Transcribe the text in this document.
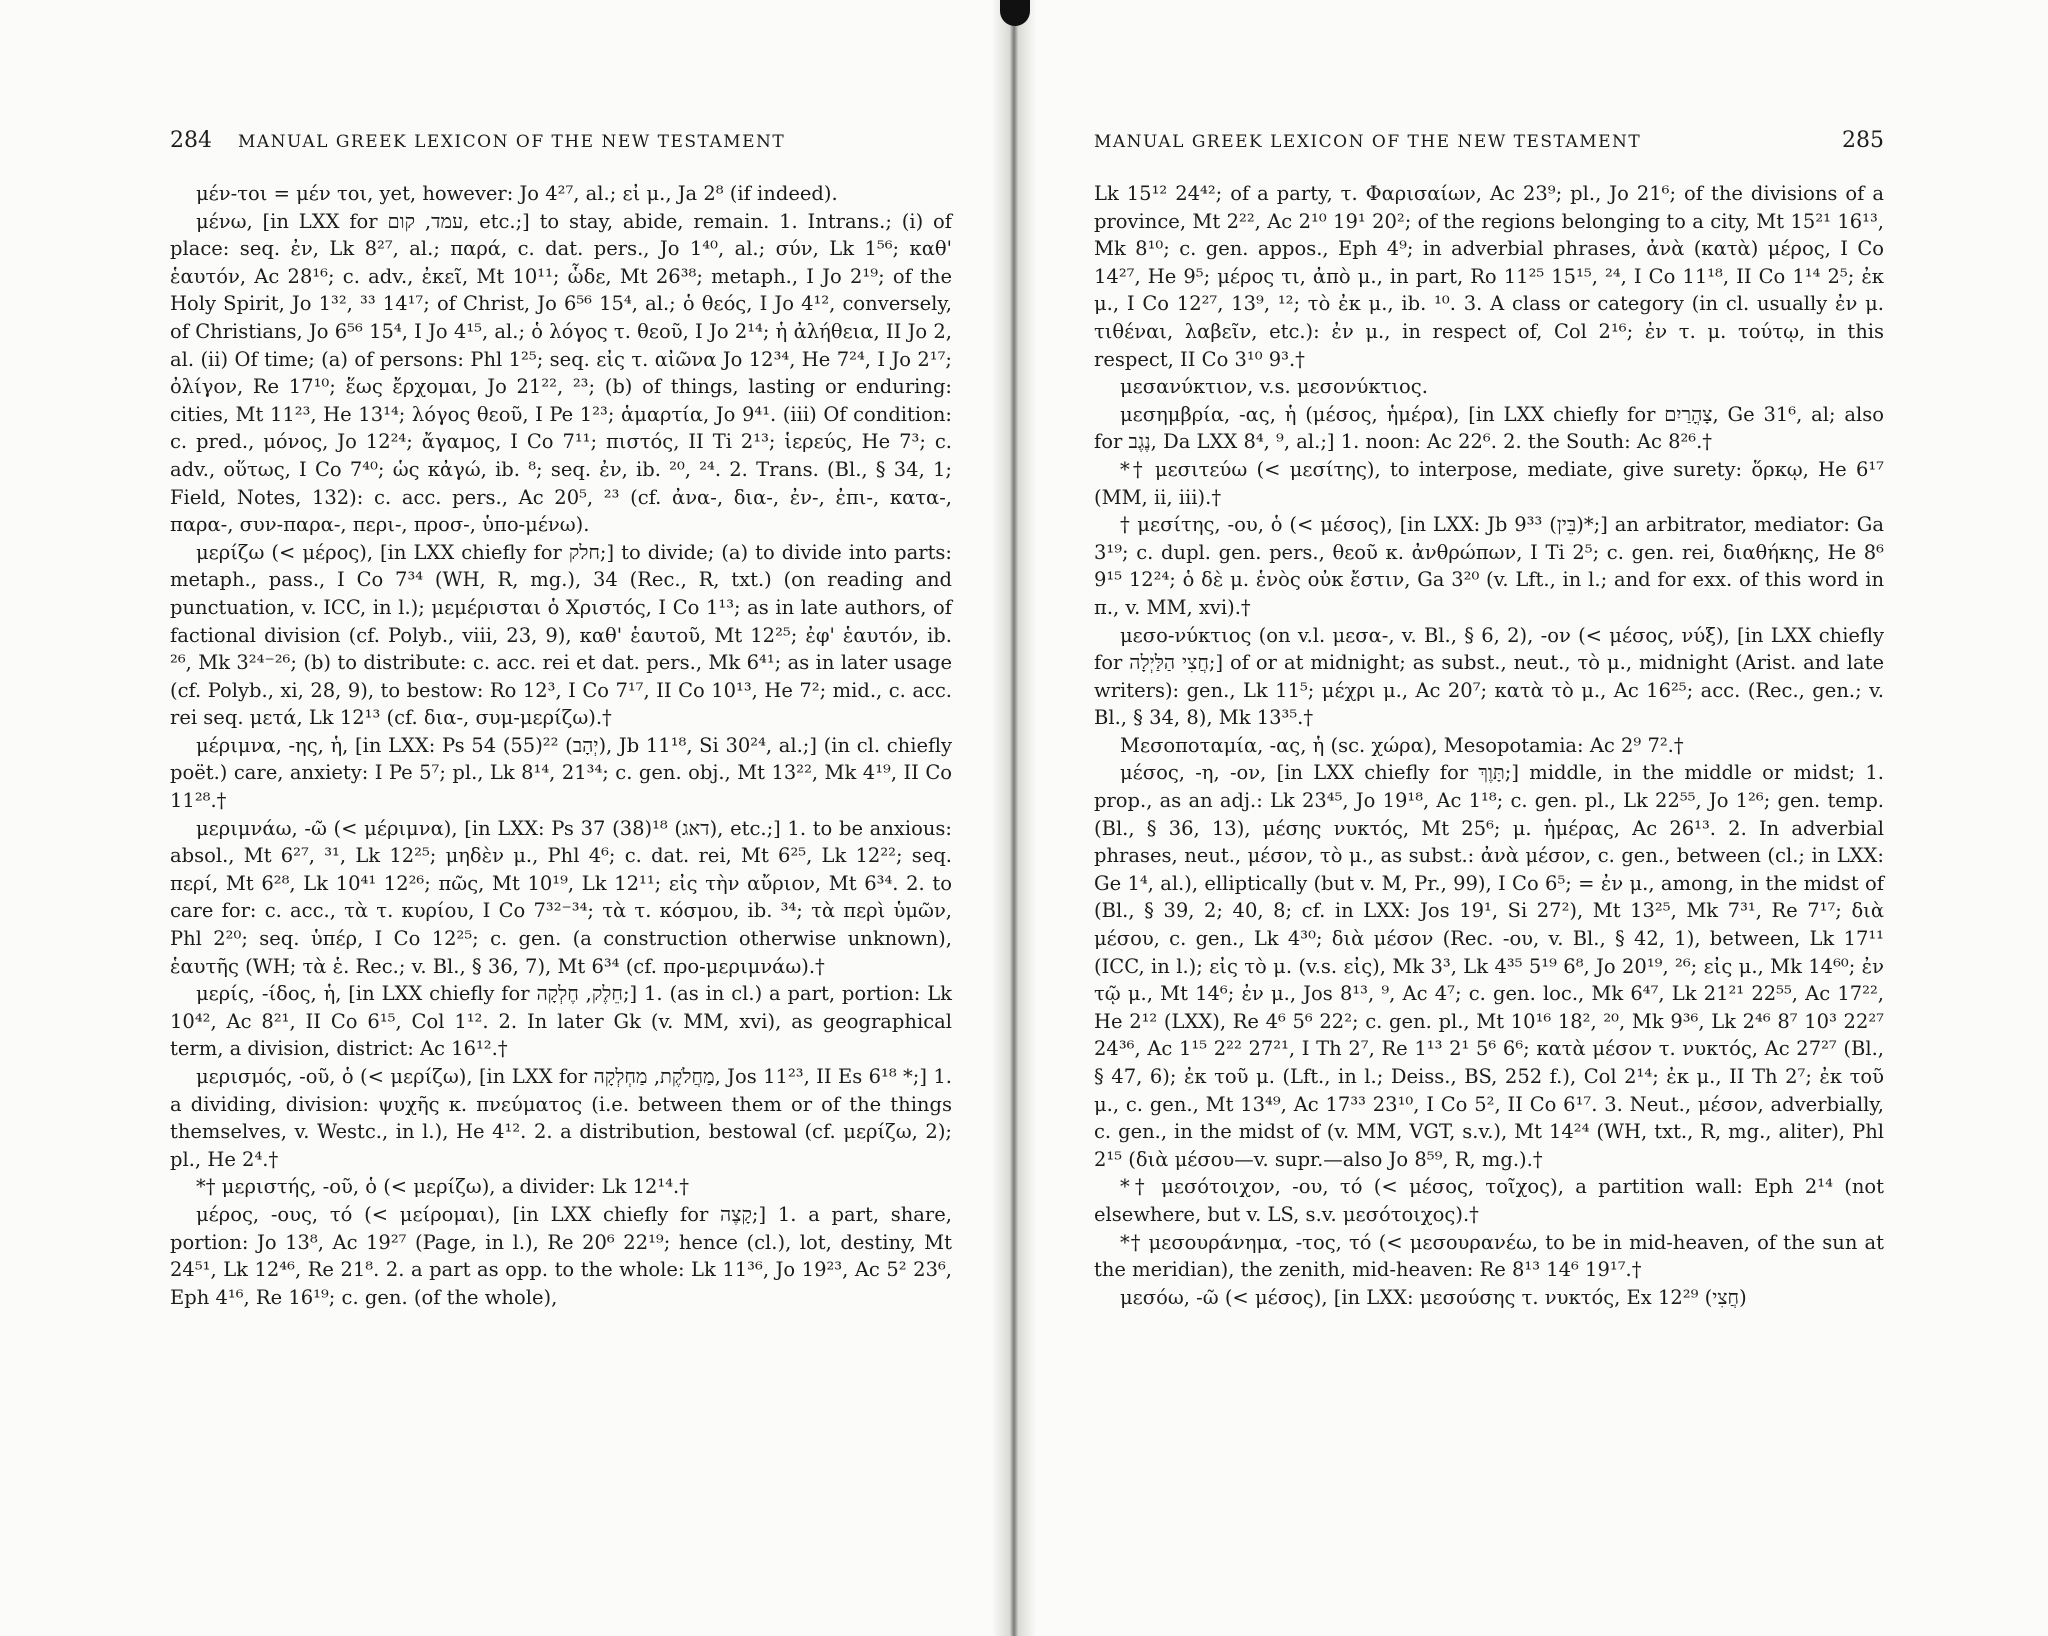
284 MANUAL GREEK LEXICON OF THE NEW TESTAMENT

μέν-τοι = μέν τοι, yet, however: Jo 4²⁷, al.; εἰ μ., Ja 2⁸ (if indeed).

μένω, [in LXX for עמד, קום, etc.;] to stay, abide, remain. 1. Intrans.; (i) of place: seq. ἐν, Lk 8²⁷, al.; παρά, c. dat. pers., Jo 1⁴⁰, al.; σύν, Lk 1⁵⁶; καθ' ἑαυτόν, Ac 28¹⁶; c. adv., ἐκεῖ, Mt 10¹¹; ὧδε, Mt 26³⁸; metaph., I Jo 2¹⁹; of the Holy Spirit, Jo 1³², ³³ 14¹⁷; of Christ, Jo 6⁵⁶ 15⁴, al.; ὁ θεός, I Jo 4¹², conversely, of Christians, Jo 6⁵⁶ 15⁴, I Jo 4¹⁵, al.; ὁ λόγος τ. θεοῦ, I Jo 2¹⁴; ἡ ἀλήθεια, II Jo 2, al. (ii) Of time; (a) of persons: Phl 1²⁵; seq. εἰς τ. αἰῶνα Jo 12³⁴, He 7²⁴, I Jo 2¹⁷; ὀλίγον, Re 17¹⁰; ἕως ἔρχομαι, Jo 21²², ²³; (b) of things, lasting or enduring: cities, Mt 11²³, He 13¹⁴; λόγος θεοῦ, I Pe 1²³; ἁμαρτία, Jo 9⁴¹. (iii) Of condition: c. pred., μόνος, Jo 12²⁴; ἄγαμος, I Co 7¹¹; πιστός, II Ti 2¹³; ἱερεύς, He 7³; c. adv., οὕτως, I Co 7⁴⁰; ὡς κἀγώ, ib. ⁸; seq. ἐν, ib. ²⁰, ²⁴. 2. Trans. (Bl., § 34, 1; Field, Notes, 132): c. acc. pers., Ac 20⁵, ²³ (cf. ἀνα-, δια-, ἐν-, ἐπι-, κατα-, παρα-, συν-παρα-, περι-, προσ-, ὑπο-μένω).

μερίζω (< μέρος), [in LXX chiefly for חלק;] to divide; (a) to divide into parts: metaph., pass., I Co 7³⁴ (WH, R, mg.), 34 (Rec., R, txt.) (on reading and punctuation, v. ICC, in l.); μεμέρισται ὁ Χριστός, I Co 1¹³; as in late authors, of factional division (cf. Polyb., viii, 23, 9), καθ' ἑαυτοῦ, Mt 12²⁵; ἐφ' ἑαυτόν, ib. ²⁶, Mk 3²⁴⁻²⁶; (b) to distribute: c. acc. rei et dat. pers., Mk 6⁴¹; as in later usage (cf. Polyb., xi, 28, 9), to bestow: Ro 12³, I Co 7¹⁷, II Co 10¹³, He 7²; mid., c. acc. rei seq. μετά, Lk 12¹³ (cf. δια-, συμ-μερίζω).†

μέριμνα, -ης, ἡ, [in LXX: Ps 54 (55)²² (יְהָב), Jb 11¹⁸, Si 30²⁴, al.;] (in cl. chiefly poët.) care, anxiety: I Pe 5⁷; pl., Lk 8¹⁴, 21³⁴; c. gen. obj., Mt 13²², Mk 4¹⁹, II Co 11²⁸.†

μεριμνάω, -ῶ (< μέριμνα), [in LXX: Ps 37 (38)¹⁸ (דאג), etc.;] 1. to be anxious: absol., Mt 6²⁷, ³¹, Lk 12²⁵; μηδὲν μ., Phl 4⁶; c. dat. rei, Mt 6²⁵, Lk 12²²; seq. περί, Mt 6²⁸, Lk 10⁴¹ 12²⁶; πῶς, Mt 10¹⁹, Lk 12¹¹; εἰς τὴν αὔριον, Mt 6³⁴. 2. to care for: c. acc., τὰ τ. κυρίου, I Co 7³²⁻³⁴; τὰ τ. κόσμου, ib. ³⁴; τὰ περὶ ὑμῶν, Phl 2²⁰; seq. ὑπέρ, I Co 12²⁵; c. gen. (a construction otherwise unknown), ἑαυτῆς (WH; τὰ ἑ. Rec.; v. Bl., § 36, 7), Mt 6³⁴ (cf. προ-μεριμνάω).†

μερίς, -ίδος, ἡ, [in LXX chiefly for חֵלֶק, חֶלְקָה;] 1. (as in cl.) a part, portion: Lk 10⁴², Ac 8²¹, II Co 6¹⁵, Col 1¹². 2. In later Gk (v. MM, xvi), as geographical term, a division, district: Ac 16¹².†

μερισμός, -οῦ, ὁ (< μερίζω), [in LXX for מַחֲלֹקֶת, מַחְלְקָה, Jos 11²³, II Es 6¹⁸ *;] 1. a dividing, division: ψυχῆς κ. πνεύματος (i.e. between them or of the things themselves, v. Westc., in l.), He 4¹². 2. a distribution, bestowal (cf. μερίζω, 2); pl., He 2⁴.†

*† μεριστής, -οῦ, ὁ (< μερίζω), a divider: Lk 12¹⁴.†

μέρος, -ους, τό (< μείρομαι), [in LXX chiefly for קָצֶה;] 1. a part, share, portion: Jo 13⁸, Ac 19²⁷ (Page, in l.), Re 20⁶ 22¹⁹; hence (cl.), lot, destiny, Mt 24⁵¹, Lk 12⁴⁶, Re 21⁸. 2. a part as opp. to the whole: Lk 11³⁶, Jo 19²³, Ac 5² 23⁶, Eph 4¹⁶, Re 16¹⁹; c. gen. (of the whole),

MANUAL GREEK LEXICON OF THE NEW TESTAMENT	285

Lk 15¹² 24⁴²; of a party, τ. Φαρισαίων, Ac 23⁹; pl., Jo 21⁶; of the divisions of a province, Mt 2²², Ac 2¹⁰ 19¹ 20²; of the regions belonging to a city, Mt 15²¹ 16¹³, Mk 8¹⁰; c. gen. appos., Eph 4⁹; in adverbial phrases, ἀνὰ (κατὰ) μέρος, I Co 14²⁷, He 9⁵; μέρος τι, ἀπὸ μ., in part, Ro 11²⁵ 15¹⁵, ²⁴, I Co 11¹⁸, II Co 1¹⁴ 2⁵; ἐκ μ., I Co 12²⁷, 13⁹, ¹²; τὸ ἐκ μ., ib. ¹⁰. 3. A class or category (in cl. usually ἐν μ. τιθέναι, λαβεῖν, etc.): ἐν μ., in respect of, Col 2¹⁶; ἐν τ. μ. τούτῳ, in this respect, II Co 3¹⁰ 9³.†

μεσανύκτιον, v.s. μεσονύκτιος.

μεσημβρία, -ας, ἡ (μέσος, ἡμέρα), [in LXX chiefly for צָהֳרַיִם, Ge 31⁶, al; also for נֶגֶב, Da LXX 8⁴, ⁹, al.;] 1. noon: Ac 22⁶. 2. the South: Ac 8²⁶.†

*† μεσιτεύω (< μεσίτης), to interpose, mediate, give surety: ὅρκῳ, He 6¹⁷ (MM, ii, iii).†

† μεσίτης, -ου, ὁ (< μέσος), [in LXX: Jb 9³³ (בֵּין)*;] an arbitrator, mediator: Ga 3¹⁹; c. dupl. gen. pers., θεοῦ κ. ἀνθρώπων, I Ti 2⁵; c. gen. rei, διαθήκης, He 8⁶ 9¹⁵ 12²⁴; ὁ δὲ μ. ἑνὸς οὐκ ἔστιν, Ga 3²⁰ (v. Lft., in l.; and for exx. of this word in π., v. MM, xvi).†

μεσο-νύκτιος (on v.l. μεσα-, v. Bl., § 6, 2), -ον (< μέσος, νύξ), [in LXX chiefly for חֲצִי הַלַּיְלָה;] of or at midnight; as subst., neut., τὸ μ., midnight (Arist. and late writers): gen., Lk 11⁵; μέχρι μ., Ac 20⁷; κατὰ τὸ μ., Ac 16²⁵; acc. (Rec., gen.; v. Bl., § 34, 8), Mk 13³⁵.†

Μεσοποταμία, -ας, ἡ (sc. χώρα), Mesopotamia: Ac 2⁹ 7².†

μέσος, -η, -ον, [in LXX chiefly for תָּוֶךְ;] middle, in the middle or midst; 1. prop., as an adj.: Lk 23⁴⁵, Jo 19¹⁸, Ac 1¹⁸; c. gen. pl., Lk 22⁵⁵, Jo 1²⁶; gen. temp. (Bl., § 36, 13), μέσης νυκτός, Mt 25⁶; μ. ἡμέρας, Ac 26¹³. 2. In adverbial phrases, neut., μέσον, τὸ μ., as subst.: ἀνὰ μέσον, c. gen., between (cl.; in LXX: Ge 1⁴, al.), elliptically (but v. M, Pr., 99), I Co 6⁵; = ἐν μ., among, in the midst of (Bl., § 39, 2; 40, 8; cf. in LXX: Jos 19¹, Si 27²), Mt 13²⁵, Mk 7³¹, Re 7¹⁷; διὰ μέσου, c. gen., Lk 4³⁰; διὰ μέσον (Rec. -ου, v. Bl., § 42, 1), between, Lk 17¹¹ (ICC, in l.); εἰς τὸ μ. (v.s. εἰς), Mk 3³, Lk 4³⁵ 5¹⁹ 6⁸, Jo 20¹⁹, ²⁶; εἰς μ., Mk 14⁶⁰; ἐν τῷ μ., Mt 14⁶; ἐν μ., Jos 8¹³, ⁹, Ac 4⁷; c. gen. loc., Mk 6⁴⁷, Lk 21²¹ 22⁵⁵, Ac 17²², He 2¹² (LXX), Re 4⁶ 5⁶ 22²; c. gen. pl., Mt 10¹⁶ 18², ²⁰, Mk 9³⁶, Lk 2⁴⁶ 8⁷ 10³ 22²⁷ 24³⁶, Ac 1¹⁵ 2²² 27²¹, I Th 2⁷, Re 1¹³ 2¹ 5⁶ 6⁶; κατὰ μέσον τ. νυκτός, Ac 27²⁷ (Bl., § 47, 6); ἐκ τοῦ μ. (Lft., in l.; Deiss., BS, 252 f.), Col 2¹⁴; ἐκ μ., II Th 2⁷; ἐκ τοῦ μ., c. gen., Mt 13⁴⁹, Ac 17³³ 23¹⁰, I Co 5², II Co 6¹⁷. 3. Neut., μέσον, adverbially, c. gen., in the midst of (v. MM, VGT, s.v.), Mt 14²⁴ (WH, txt., R, mg., aliter), Phl 2¹⁵ (διὰ μέσου—v. supr.—also Jo 8⁵⁹, R, mg.).†

*† μεσότοιχον, -ου, τό (< μέσος, τοῖχος), a partition wall: Eph 2¹⁴ (not elsewhere, but v. LS, s.v. μεσότοιχος).†

*† μεσουράνημα, -τος, τό (< μεσουρανέω, to be in mid-heaven, of the sun at the meridian), the zenith, mid-heaven: Re 8¹³ 14⁶ 19¹⁷.†

μεσόω, -ῶ (< μέσος), [in LXX: μεσούσης τ. νυκτός, Ex 12²⁹ (חֲצִי)
